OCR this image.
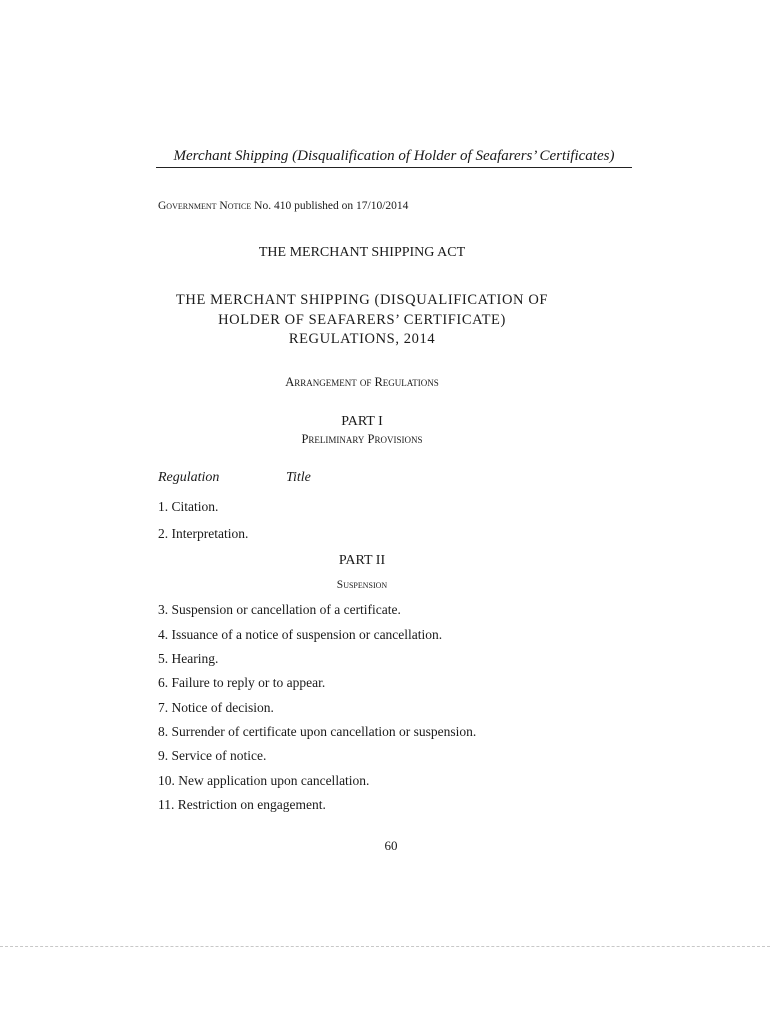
Merchant Shipping (Disqualification of Holder of Seafarers’ Certificates)
Government Notice No. 410 published on 17/10/2014
THE MERCHANT SHIPPING ACT
THE MERCHANT SHIPPING (DISQUALIFICATION OF
HOLDER OF SEAFARERS’ CERTIFICATE)
REGULATIONS, 2014
Arrangement of Regulations
PART I
Preliminary Provisions
Regulation	Title
1. Citation.
2. Interpretation.
PART II
Suspension
3. Suspension or cancellation of a certificate.
4. Issuance of a notice of suspension or cancellation.
5. Hearing.
6. Failure to reply or to appear.
7. Notice of decision.
8. Surrender of certificate upon cancellation or suspension.
9. Service of notice.
10. New application upon cancellation.
11. Restriction on engagement.
60
